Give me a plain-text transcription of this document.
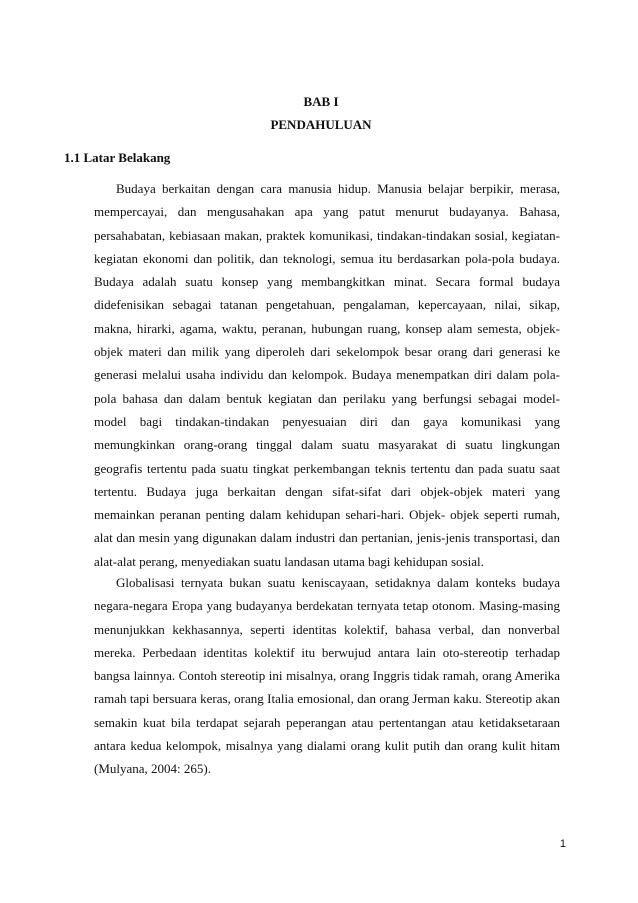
BAB I
PENDAHULUAN
1.1 Latar Belakang

Budaya berkaitan dengan cara manusia hidup. Manusia belajar berpikir, merasa, mempercayai, dan mengusahakan apa yang patut menurut budayanya. Bahasa, persahabatan, kebiasaan makan, praktek komunikasi, tindakan-tindakan sosial, kegiatan-kegiatan ekonomi dan politik, dan teknologi, semua itu berdasarkan pola-pola budaya. Budaya adalah suatu konsep yang membangkitkan minat. Secara formal budaya didefenisikan sebagai tatanan pengetahuan, pengalaman, kepercayaan, nilai, sikap, makna, hirarki, agama, waktu, peranan, hubungan ruang, konsep alam semesta, objek-objek materi dan milik yang diperoleh dari sekelompok besar orang dari generasi ke generasi melalui usaha individu dan kelompok. Budaya menempatkan diri dalam pola-pola bahasa dan dalam bentuk kegiatan dan perilaku yang berfungsi sebagai model-model bagi tindakan-tindakan penyesuaian diri dan gaya komunikasi yang memungkinkan orang-orang tinggal dalam suatu masyarakat di suatu lingkungan geografis tertentu pada suatu tingkat perkembangan teknis tertentu dan pada suatu saat tertentu. Budaya juga berkaitan dengan sifat-sifat dari objek-objek materi yang memainkan peranan penting dalam kehidupan sehari-hari. Objek- objek seperti rumah, alat dan mesin yang digunakan dalam industri dan pertanian, jenis-jenis transportasi, dan alat-alat perang, menyediakan suatu landasan utama bagi kehidupan sosial.

Globalisasi ternyata bukan suatu keniscayaan, setidaknya dalam konteks budaya negara-negara Eropa yang budayanya berdekatan ternyata tetap otonom. Masing-masing menunjukkan kekhasannya, seperti identitas kolektif, bahasa verbal, dan nonverbal mereka. Perbedaan identitas kolektif itu berwujud antara lain oto-stereotip terhadap bangsa lainnya. Contoh stereotip ini misalnya, orang Inggris tidak ramah, orang Amerika ramah tapi bersuara keras, orang Italia emosional, dan orang Jerman kaku. Stereotip akan semakin kuat bila terdapat sejarah peperangan atau pertentangan atau ketidaksetaraan antara kedua kelompok, misalnya yang dialami orang kulit putih dan orang kulit hitam (Mulyana, 2004: 265).

1
